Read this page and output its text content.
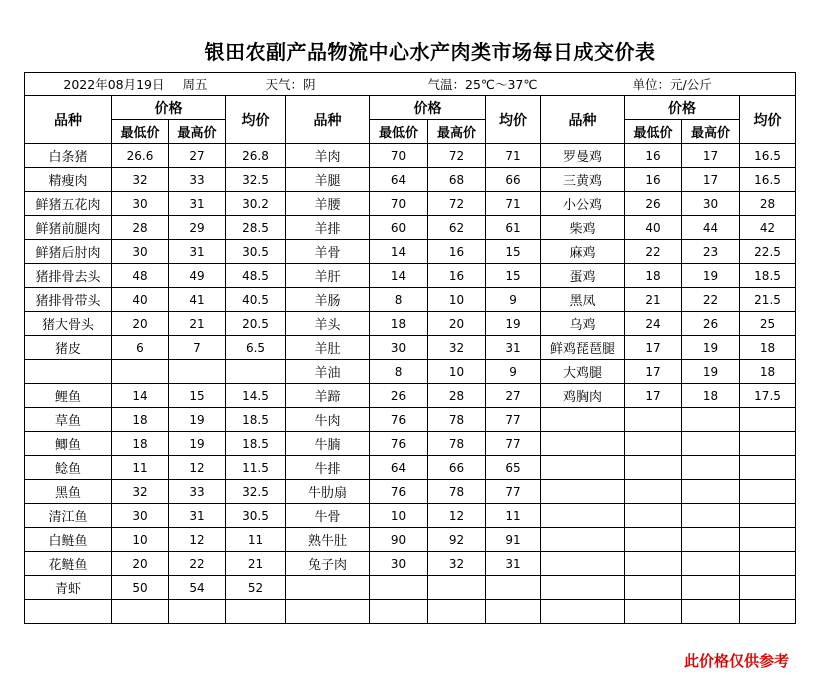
银田农副产品物流中心水产肉类市场每日成交价表
2022年08月19日 周五			天气：阴			气温：25℃～37℃			单位：元/公斤		
品种	价格		均价	品种	价格		均价	品种	价格		均价
	最低价	最高价			最低价	最高价			最低价	最高价	
白条猪	26.6	27	26.8	羊肉	70	72	71	罗曼鸡	16	17	16.5
精瘦肉	32	33	32.5	羊腿	64	68	66	三黄鸡	16	17	16.5
鲜猪五花肉	30	31	30.2	羊腰	70	72	71	小公鸡	26	30	28
鲜猪前腿肉	28	29	28.5	羊排	60	62	61	柴鸡	40	44	42
鲜猪后肘肉	30	31	30.5	羊骨	14	16	15	麻鸡	22	23	22.5
猪排骨去头	48	49	48.5	羊肝	14	16	15	蛋鸡	18	19	18.5
猪排骨带头	40	41	40.5	羊肠	8	10	9	黑凤	21	22	21.5
猪大骨头	20	21	20.5	羊头	18	20	19	乌鸡	24	26	25
猪皮	6	7	6.5	羊肚	30	32	31	鲜鸡琵琶腿	17	19	18
				羊油	8	10	9	大鸡腿	17	19	18
鲤鱼	14	15	14.5	羊蹄	26	28	27	鸡胸肉	17	18	17.5
草鱼	18	19	18.5	牛肉	76	78	77				
鲫鱼	18	19	18.5	牛腩	76	78	77				
鲶鱼	11	12	11.5	牛排	64	66	65				
黑鱼	32	33	32.5	牛肋扇	76	78	77				
清江鱼	30	31	30.5	牛骨	10	12	11				
白鲢鱼	10	12	11	熟牛肚	90	92	91				
花鲢鱼	20	22	21	兔子肉	30	32	31				
青虾	50	54	52								

此价格仅供参考
